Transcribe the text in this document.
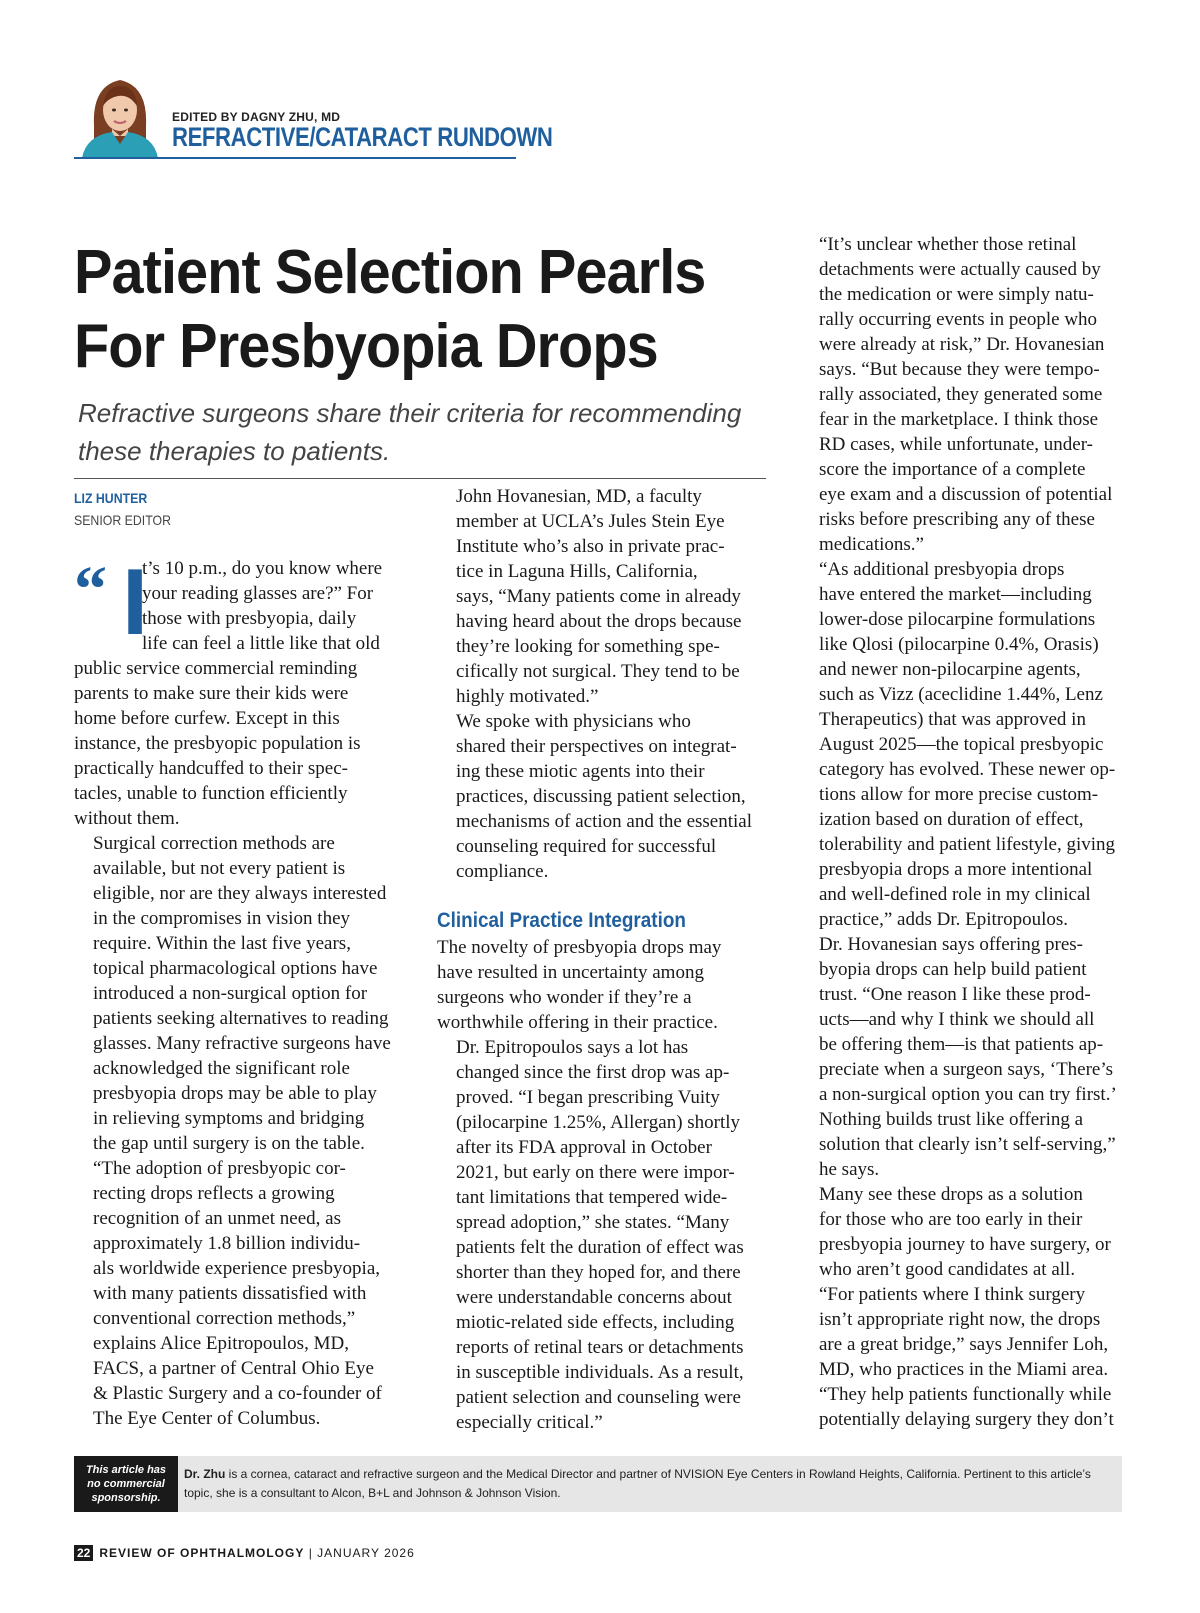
EDITED BY DAGNY ZHU, MD
REFRACTIVE/CATARACT RUNDOWN
Patient Selection Pearls
For Presbyopia Drops
Refractive surgeons share their criteria for recommending
these therapies to patients.
LIZ HUNTER
SENIOR EDITOR
“ I
t’s 10 p.m., do you know where
your reading glasses are?” For
those with presbyopia, daily
life can feel a little like that old

public service commercial reminding
parents to make sure their kids were
home before curfew. Except in this
instance, the presbyopic population is
practically handcuffed to their spec-
tacles, unable to function efficiently
without them.

Surgical correction methods are
available, but not every patient is
eligible, nor are they always interested
in the compromises in vision they
require. Within the last five years,
topical pharmacological options have
introduced a non-surgical option for
patients seeking alternatives to reading
glasses. Many refractive surgeons have
acknowledged the significant role
presbyopia drops may be able to play
in relieving symptoms and bridging
the gap until surgery is on the table.

“The adoption of presbyopic cor-
recting drops reflects a growing
recognition of an unmet need, as
approximately 1.8 billion individu-
als worldwide experience presbyopia,
with many patients dissatisfied with
conventional correction methods,”
explains Alice Epitropoulos, MD,
FACS, a partner of Central Ohio Eye
& Plastic Surgery and a co-founder of
The Eye Center of Columbus.

John Hovanesian, MD, a faculty
member at UCLA’s Jules Stein Eye
Institute who’s also in private prac-
tice in Laguna Hills, California,
says, “Many patients come in already
having heard about the drops because
they’re looking for something spe-
cifically not surgical. They tend to be
highly motivated.”

We spoke with physicians who
shared their perspectives on integrat-
ing these miotic agents into their
practices, discussing patient selection,
mechanisms of action and the essential
counseling required for successful
compliance.

Clinical Practice Integration

The novelty of presbyopia drops may
have resulted in uncertainty among
surgeons who wonder if they’re a
worthwhile offering in their practice.

Dr. Epitropoulos says a lot has
changed since the first drop was ap-
proved. “I began prescribing Vuity
(pilocarpine 1.25%, Allergan) shortly
after its FDA approval in October
2021, but early on there were impor-
tant limitations that tempered wide-
spread adoption,” she states. “Many
patients felt the duration of effect was
shorter than they hoped for, and there
were understandable concerns about
miotic-related side effects, including
reports of retinal tears or detachments
in susceptible individuals. As a result,
patient selection and counseling were
especially critical.”

“It’s unclear whether those retinal
detachments were actually caused by
the medication or were simply natu-
rally occurring events in people who
were already at risk,” Dr. Hovanesian
says. “But because they were tempo-
rally associated, they generated some
fear in the marketplace. I think those
RD cases, while unfortunate, under-
score the importance of a complete
eye exam and a discussion of potential
risks before prescribing any of these
medications.”

“As additional presbyopia drops
have entered the market—including
lower-dose pilocarpine formulations
like Qlosi (pilocarpine 0.4%, Orasis)
and newer non-pilocarpine agents,
such as Vizz (aceclidine 1.44%, Lenz
Therapeutics) that was approved in
August 2025—the topical presbyopic
category has evolved. These newer op-
tions allow for more precise custom-
ization based on duration of effect,
tolerability and patient lifestyle, giving
presbyopia drops a more intentional
and well-defined role in my clinical
practice,” adds Dr. Epitropoulos.

Dr. Hovanesian says offering pres-
byopia drops can help build patient
trust. “One reason I like these prod-
ucts—and why I think we should all
be offering them—is that patients ap-
preciate when a surgeon says, ‘There’s
a non-surgical option you can try first.’
Nothing builds trust like offering a
solution that clearly isn’t self-serving,”
he says.

Many see these drops as a solution
for those who are too early in their
presbyopia journey to have surgery, or
who aren’t good candidates at all.

“For patients where I think surgery
isn’t appropriate right now, the drops
are a great bridge,” says Jennifer Loh,
MD, who practices in the Miami area.
“They help patients functionally while
potentially delaying surgery they don’t

This article has
no commercial
sponsorship.
Dr. Zhu is a cornea, cataract and refractive surgeon and the Medical Director and partner of NVISION Eye Centers in Rowland Heights, California. Pertinent to this article’s topic, she is a consultant to Alcon, B+L and Johnson & Johnson Vision.
22 REVIEW OF OPHTHALMOLOGY | JANUARY 2026
